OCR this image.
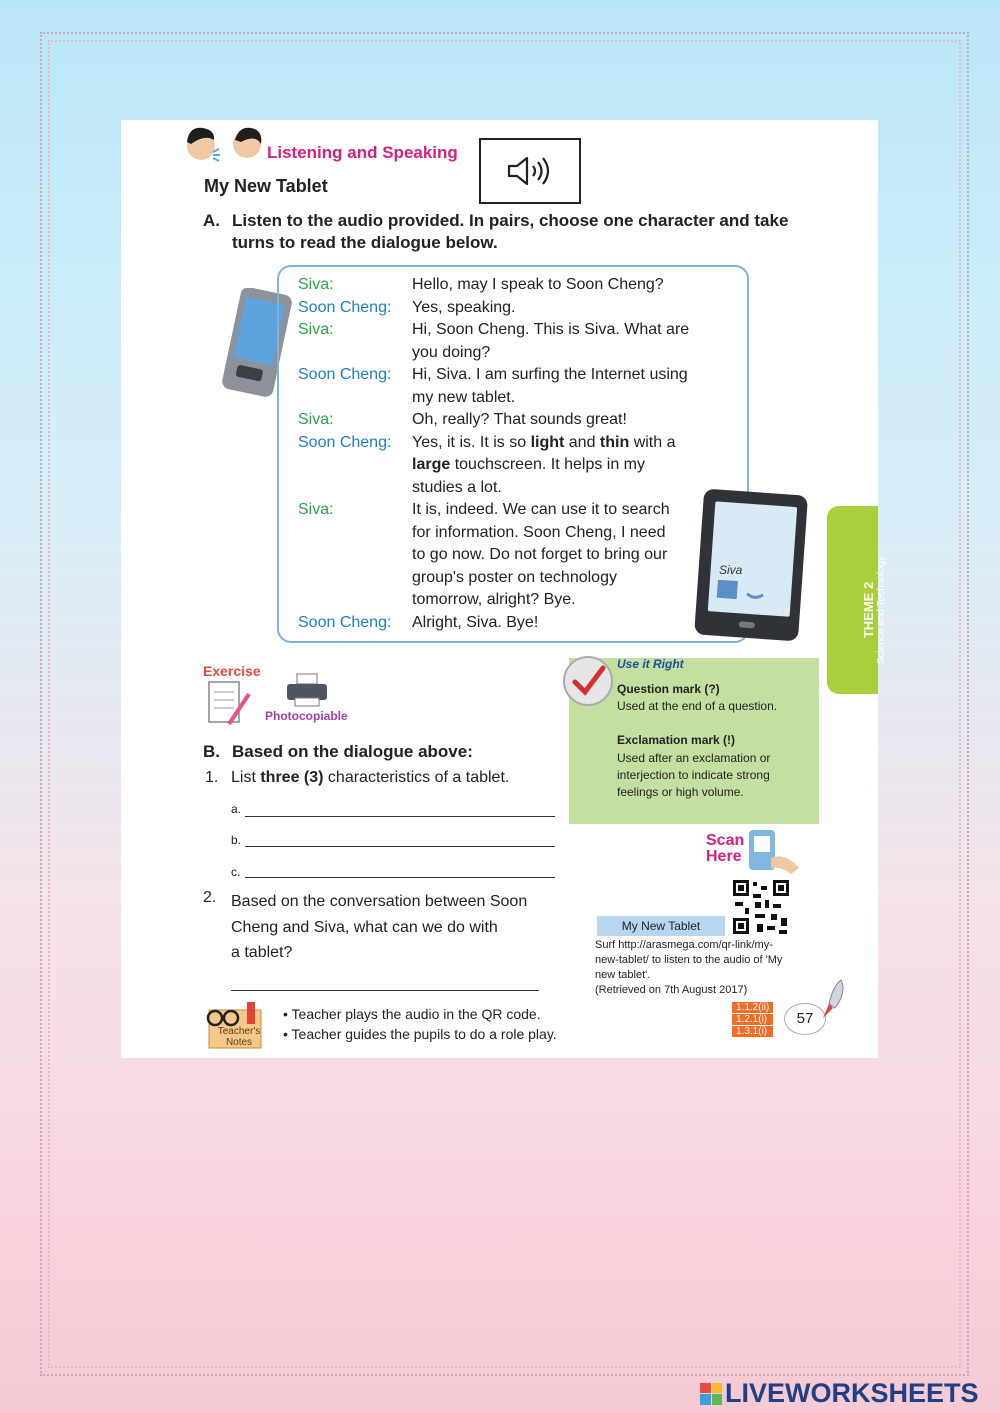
Listening and Speaking
My New Tablet
A. Listen to the audio provided. In pairs, choose one character and take turns to read the dialogue below.
Siva
Exercise
Photocopiable
B. Based on the dialogue above:
1. List three (3) characteristics of a tablet.
a.
b.
c.
2. Based on the conversation between Soon
Cheng and Siva, what can we do with
a tablet?
Use it Right
Question mark (?)
Used at the end of a question.
Exclamation mark (!)
Used after an exclamation or
interjection to indicate strong
feelings or high volume.
THEME 2 Science and Technology
Scan
Here
My New Tablet
Surf http://arasmega.com/qr-link/my-
new-tablet/ to listen to the audio of 'My
new tablet'.
(Retrieved on 7th August 2017)
Teacher's
Notes
• Teacher plays the audio in the QR code.
• Teacher guides the pupils to do a role play.
1.1.2(ii)
1.2.1(i)
1.3.1(i)
57
Siva:	Hello, may I speak to Soon Cheng?
Soon Cheng: Yes, speaking.
Siva:	Hi, Soon Cheng. This is Siva. What are
you doing?
Soon Cheng: Hi, Siva. I am surfing the Internet using
my new tablet.
Siva:	Oh, really? That sounds great!
Soon Cheng: Yes, it is. It is so light and thin with a
large touchscreen. It helps in my
studies a lot.
Siva:	It is, indeed. We can use it to search
for information. Soon Cheng, I need
to go now. Do not forget to bring our
group's poster on technology
tomorrow, alright? Bye.
Soon Cheng: Alright, Siva. Bye!
LIVEWORKSHEETS
